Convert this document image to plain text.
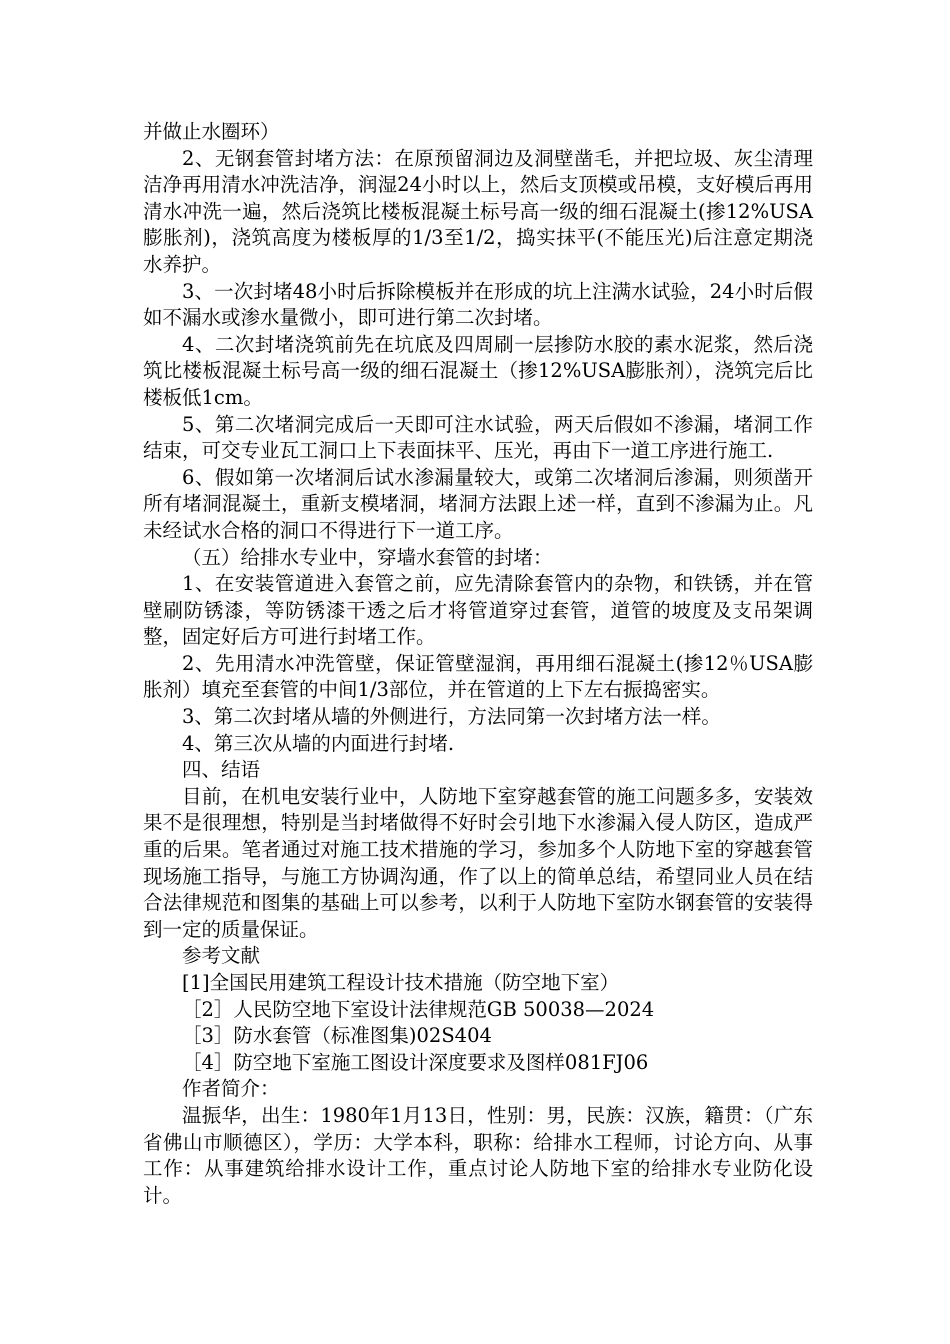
并做止水圈环）

2、无钢套管封堵方法：在原预留洞边及洞壁凿毛，并把垃圾、灰尘清理洁净再用清水冲洗洁净，润湿24小时以上，然后支顶模或吊模，支好模后再用清水冲洗一遍，然后浇筑比楼板混凝土标号高一级的细石混凝土(掺12%USA膨胀剂)，浇筑高度为楼板厚的1/3至1/2，捣实抹平(不能压光)后注意定期浇水养护。

3、一次封堵48小时后拆除模板并在形成的坑上注满水试验，24小时后假如不漏水或渗水量微小，即可进行第二次封堵。

4、二次封堵浇筑前先在坑底及四周刷一层掺防水胶的素水泥浆，然后浇筑比楼板混凝土标号高一级的细石混凝土（掺12%USA膨胀剂），浇筑完后比楼板低1cm。

5、第二次堵洞完成后一天即可注水试验，两天后假如不渗漏，堵洞工作结束，可交专业瓦工洞口上下表面抹平、压光，再由下一道工序进行施工.

6、假如第一次堵洞后试水渗漏量较大，或第二次堵洞后渗漏，则须凿开所有堵洞混凝土，重新支模堵洞，堵洞方法跟上述一样，直到不渗漏为止。凡未经试水合格的洞口不得进行下一道工序。

（五）给排水专业中，穿墙水套管的封堵：

1、在安装管道进入套管之前，应先清除套管内的杂物，和铁锈，并在管壁刷防锈漆，等防锈漆干透之后才将管道穿过套管，道管的坡度及支吊架调整，固定好后方可进行封堵工作。

2、先用清水冲洗管壁，保证管壁湿润，再用细石混凝土(掺12％USA膨胀剂）填充至套管的中间1/3部位，并在管道的上下左右振捣密实。

3、第二次封堵从墙的外侧进行，方法同第一次封堵方法一样。

4、第三次从墙的内面进行封堵.

四、结语

目前，在机电安装行业中，人防地下室穿越套管的施工问题多多，安装效果不是很理想，特别是当封堵做得不好时会引地下水渗漏入侵人防区，造成严重的后果。笔者通过对施工技术措施的学习，参加多个人防地下室的穿越套管现场施工指导，与施工方协调沟通，作了以上的简单总结，希望同业人员在结合法律规范和图集的基础上可以参考，以利于人防地下室防水钢套管的安装得到一定的质量保证。

参考文献

[1]全国民用建筑工程设计技术措施（防空地下室）

［2］人民防空地下室设计法律规范GB 50038—2024

［3］防水套管（标准图集)02S404

［4］防空地下室施工图设计深度要求及图样081FJ06

作者简介：

温振华，出生：1980年1月13日，性别：男，民族：汉族，籍贯：（广东省佛山市顺德区），学历：大学本科，职称：给排水工程师，讨论方向、从事工作：从事建筑给排水设计工作，重点讨论人防地下室的给排水专业防化设计。
